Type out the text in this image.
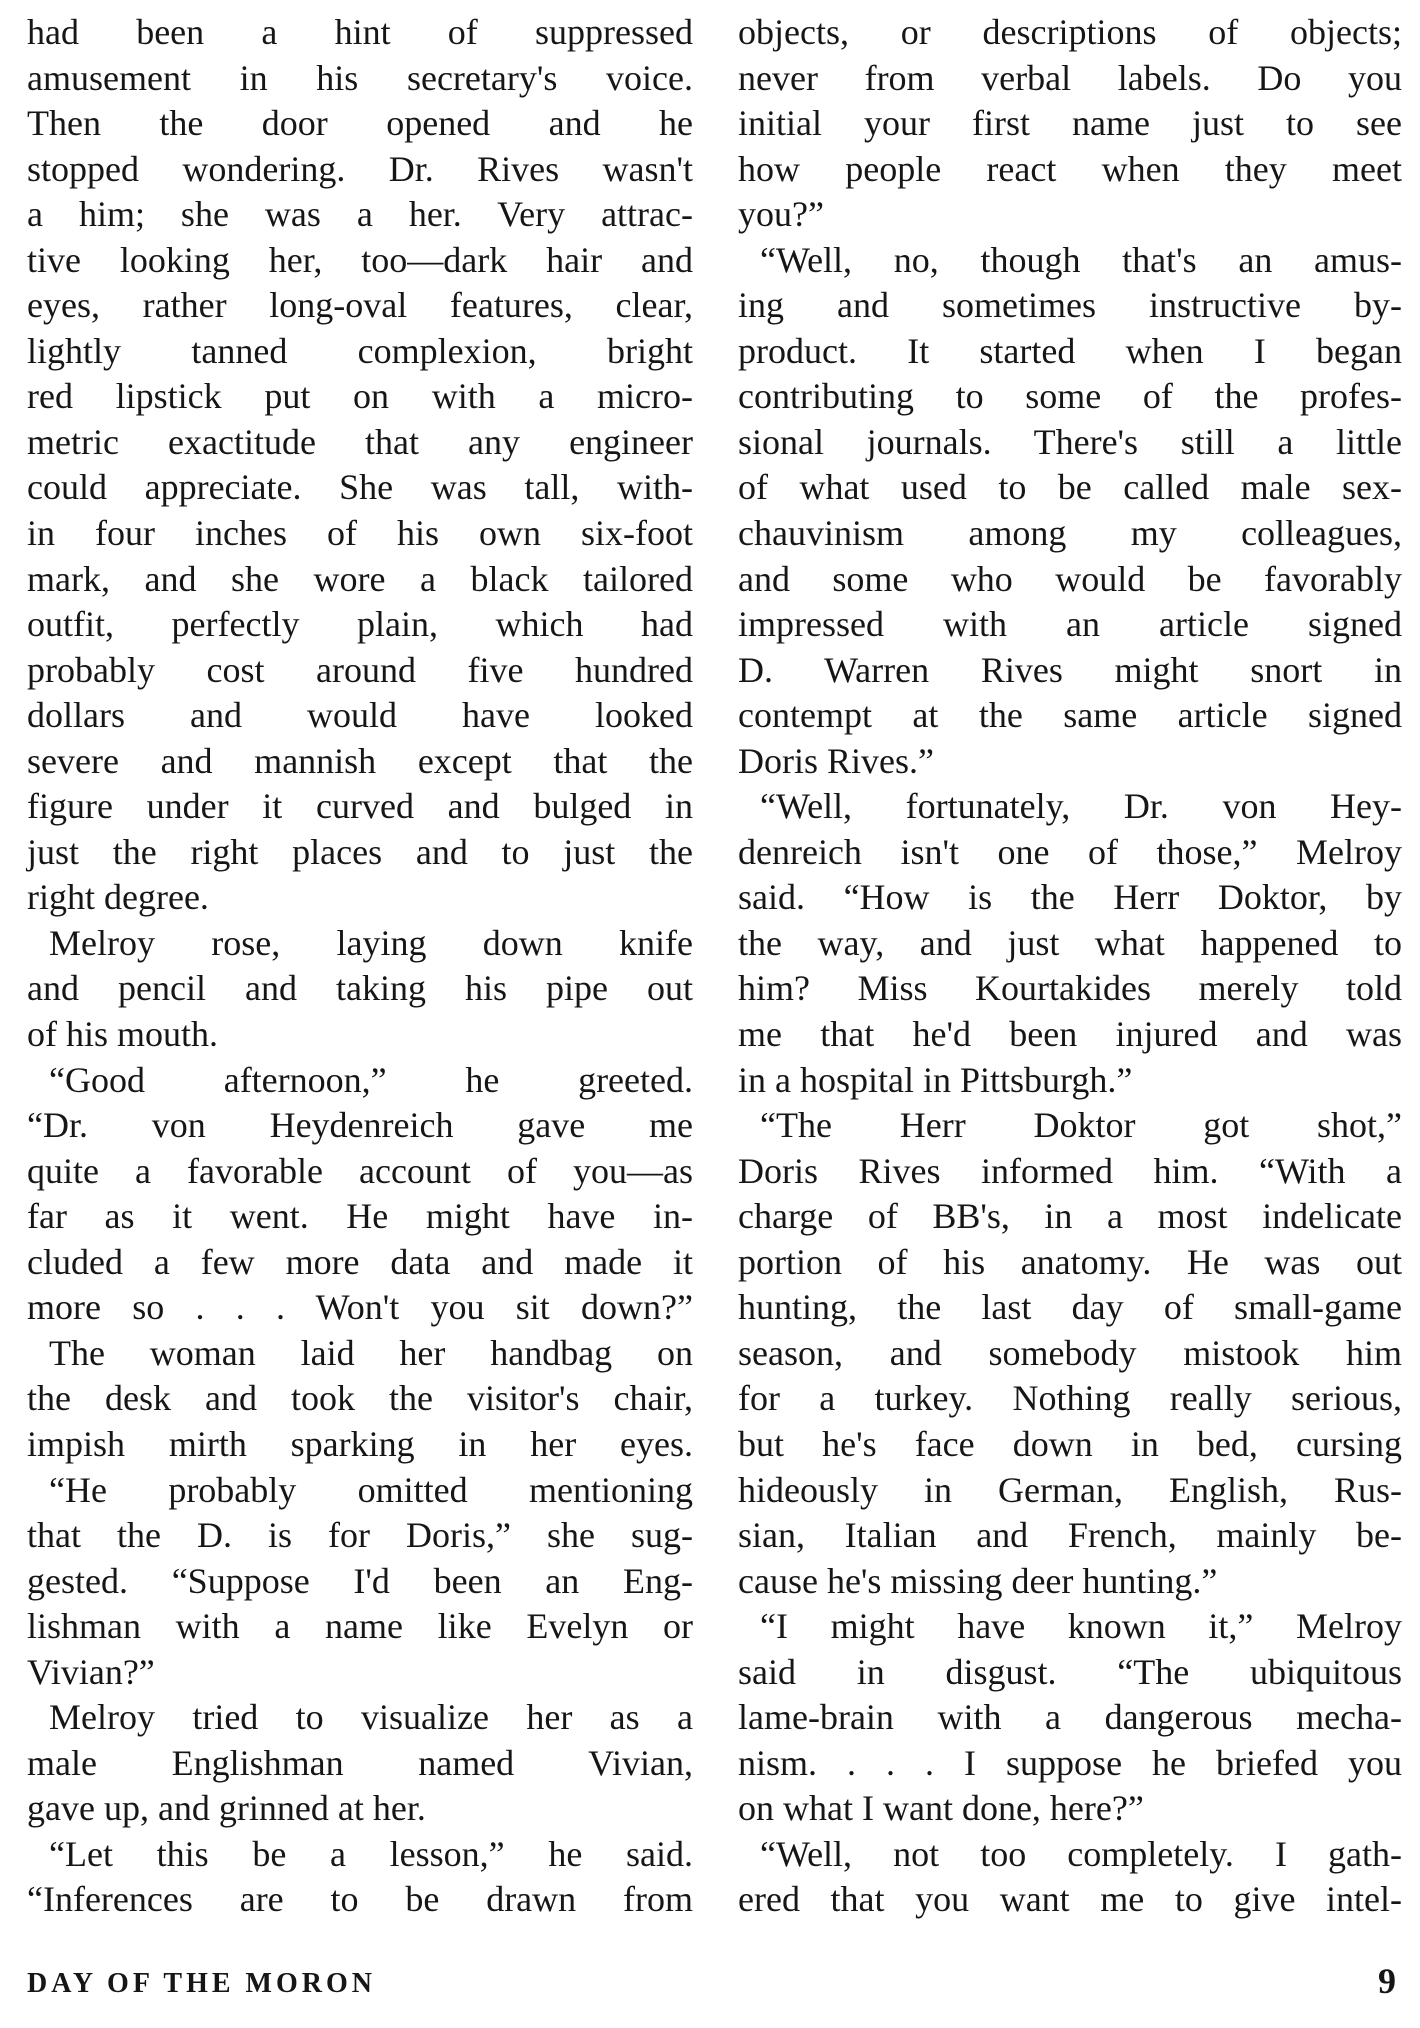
had been a hint of suppressed
amusement in his secretary's voice.
Then the door opened and he
stopped wondering. Dr. Rives wasn't
a him; she was a her. Very attrac-
tive looking her, too—dark hair and
eyes, rather long-oval features, clear,
lightly tanned complexion, bright
red lipstick put on with a micro-
metric exactitude that any engineer
could appreciate. She was tall, with-
in four inches of his own six-foot
mark, and she wore a black tailored
outfit, perfectly plain, which had
probably cost around five hundred
dollars and would have looked
severe and mannish except that the
figure under it curved and bulged in
just the right places and to just the
right degree.
Melroy rose, laying down knife
and pencil and taking his pipe out
of his mouth.
“Good afternoon,” he greeted.
“Dr. von Heydenreich gave me
quite a favorable account of you—as
far as it went. He might have in-
cluded a few more data and made it
more so . . . Won't you sit down?”
The woman laid her handbag on
the desk and took the visitor's chair,
impish mirth sparking in her eyes.
“He probably omitted mentioning
that the D. is for Doris,” she sug-
gested. “Suppose I'd been an Eng-
lishman with a name like Evelyn or
Vivian?”
Melroy tried to visualize her as a
male Englishman named Vivian,
gave up, and grinned at her.
“Let this be a lesson,” he said.
“Inferences are to be drawn from
objects, or descriptions of objects;
never from verbal labels. Do you
initial your first name just to see
how people react when they meet
you?”
“Well, no, though that's an amus-
ing and sometimes instructive by-
product. It started when I began
contributing to some of the profes-
sional journals. There's still a little
of what used to be called male sex-
chauvinism among my colleagues,
and some who would be favorably
impressed with an article signed
D. Warren Rives might snort in
contempt at the same article signed
Doris Rives.”
“Well, fortunately, Dr. von Hey-
denreich isn't one of those,” Melroy
said. “How is the Herr Doktor, by
the way, and just what happened to
him? Miss Kourtakides merely told
me that he'd been injured and was
in a hospital in Pittsburgh.”
“The Herr Doktor got shot,”
Doris Rives informed him. “With a
charge of BB's, in a most indelicate
portion of his anatomy. He was out
hunting, the last day of small-game
season, and somebody mistook him
for a turkey. Nothing really serious,
but he's face down in bed, cursing
hideously in German, English, Rus-
sian, Italian and French, mainly be-
cause he's missing deer hunting.”
“I might have known it,” Melroy
said in disgust. “The ubiquitous
lame-brain with a dangerous mecha-
nism. . . . I suppose he briefed you
on what I want done, here?”
“Well, not too completely. I gath-
ered that you want me to give intel-
DAY OF THE MORON	9
